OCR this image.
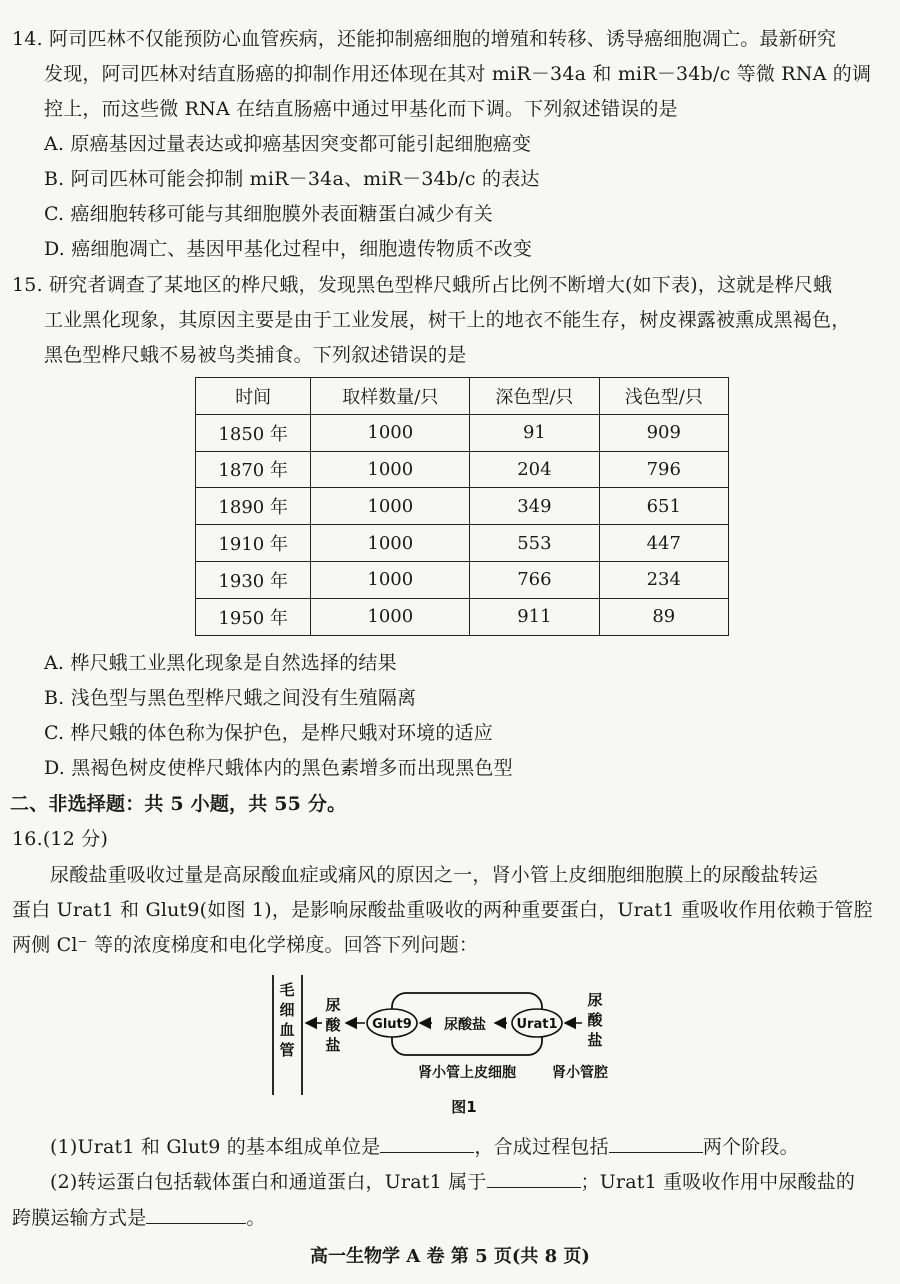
14. 阿司匹林不仅能预防心血管疾病，还能抑制癌细胞的增殖和转移、诱导癌细胞凋亡。最新研究
发现，阿司匹林对结直肠癌的抑制作用还体现在其对 miR－34a 和 miR－34b/c 等微 RNA 的调
控上，而这些微 RNA 在结直肠癌中通过甲基化而下调。下列叙述错误的是
A. 原癌基因过量表达或抑癌基因突变都可能引起细胞癌变
B. 阿司匹林可能会抑制 miR－34a、miR－34b/c 的表达
C. 癌细胞转移可能与其细胞膜外表面糖蛋白减少有关
D. 癌细胞凋亡、基因甲基化过程中，细胞遗传物质不改变
15. 研究者调查了某地区的桦尺蛾，发现黑色型桦尺蛾所占比例不断增大(如下表)，这就是桦尺蛾
工业黑化现象，其原因主要是由于工业发展，树干上的地衣不能生存，树皮裸露被熏成黑褐色，
黑色型桦尺蛾不易被鸟类捕食。下列叙述错误的是
时间	取样数量/只	深色型/只	浅色型/只
1850 年	1000	91	909
1870 年	1000	204	796
1890 年	1000	349	651
1910 年	1000	553	447
1930 年	1000	766	234
1950 年	1000	911	89
A. 桦尺蛾工业黑化现象是自然选择的结果
B. 浅色型与黑色型桦尺蛾之间没有生殖隔离
C. 桦尺蛾的体色称为保护色，是桦尺蛾对环境的适应
D. 黑褐色树皮使桦尺蛾体内的黑色素增多而出现黑色型
二、非选择题：共 5 小题，共 55 分。
16.(12 分)
尿酸盐重吸收过量是高尿酸血症或痛风的原因之一，肾小管上皮细胞细胞膜上的尿酸盐转运
蛋白 Urat1 和 Glut9(如图 1)，是影响尿酸盐重吸收的两种重要蛋白，Urat1 重吸收作用依赖于管腔
两侧 Cl⁻ 等的浓度梯度和电化学梯度。回答下列问题：
毛
细
血
管
尿
酸
盐
尿
酸
盐
Glut9	Urat1
尿酸盐
肾小管上皮细胞	肾小管腔
图1
(1)Urat1 和 Glut9 的基本组成单位是	，合成过程包括	两个阶段。
(2)转运蛋白包括载体蛋白和通道蛋白，Urat1 属于	；Urat1 重吸收作用中尿酸盐的
跨膜运输方式是	。
高一生物学 A 卷 第 5 页(共 8 页)
